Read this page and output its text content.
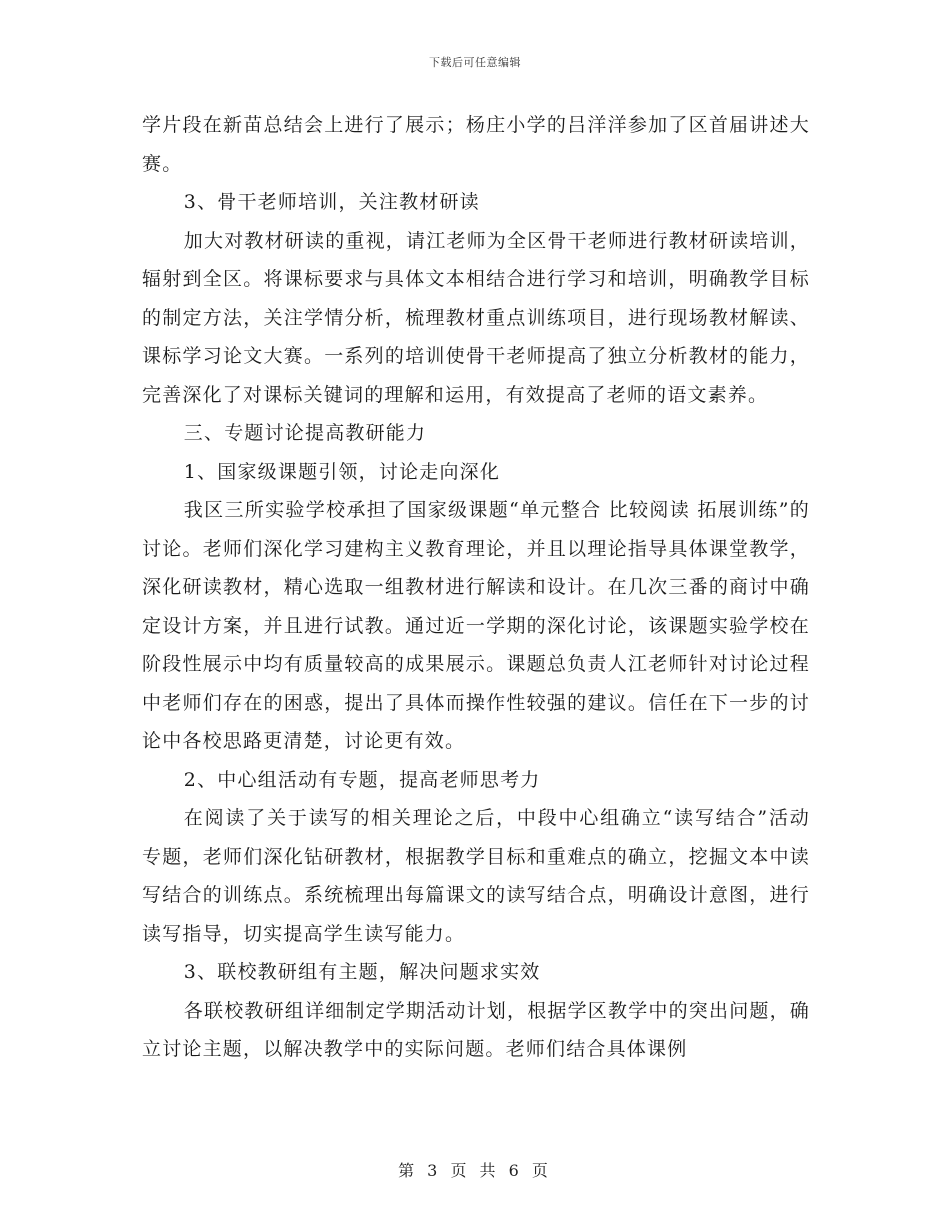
下载后可任意编辑

学片段在新苗总结会上进行了展示；杨庄小学的吕洋洋参加了区首届讲述大赛。

3、骨干老师培训，关注教材研读

加大对教材研读的重视，请江老师为全区骨干老师进行教材研读培训，辐射到全区。将课标要求与具体文本相结合进行学习和培训，明确教学目标的制定方法，关注学情分析，梳理教材重点训练项目，进行现场教材解读、课标学习论文大赛。一系列的培训使骨干老师提高了独立分析教材的能力，完善深化了对课标关键词的理解和运用，有效提高了老师的语文素养。

三、专题讨论提高教研能力

1、国家级课题引领，讨论走向深化

我区三所实验学校承担了国家级课题“单元整合 比较阅读 拓展训练”的讨论。老师们深化学习建构主义教育理论，并且以理论指导具体课堂教学，深化研读教材，精心选取一组教材进行解读和设计。在几次三番的商讨中确定设计方案，并且进行试教。通过近一学期的深化讨论，该课题实验学校在阶段性展示中均有质量较高的成果展示。课题总负责人江老师针对讨论过程中老师们存在的困惑，提出了具体而操作性较强的建议。信任在下一步的讨论中各校思路更清楚，讨论更有效。

2、中心组活动有专题，提高老师思考力

在阅读了关于读写的相关理论之后，中段中心组确立“读写结合”活动专题，老师们深化钻研教材，根据教学目标和重难点的确立，挖掘文本中读写结合的训练点。系统梳理出每篇课文的读写结合点，明确设计意图，进行读写指导，切实提高学生读写能力。

3、联校教研组有主题，解决问题求实效

各联校教研组详细制定学期活动计划，根据学区教学中的突出问题，确立讨论主题，以解决教学中的实际问题。老师们结合具体课例

第 3 页 共 6 页
